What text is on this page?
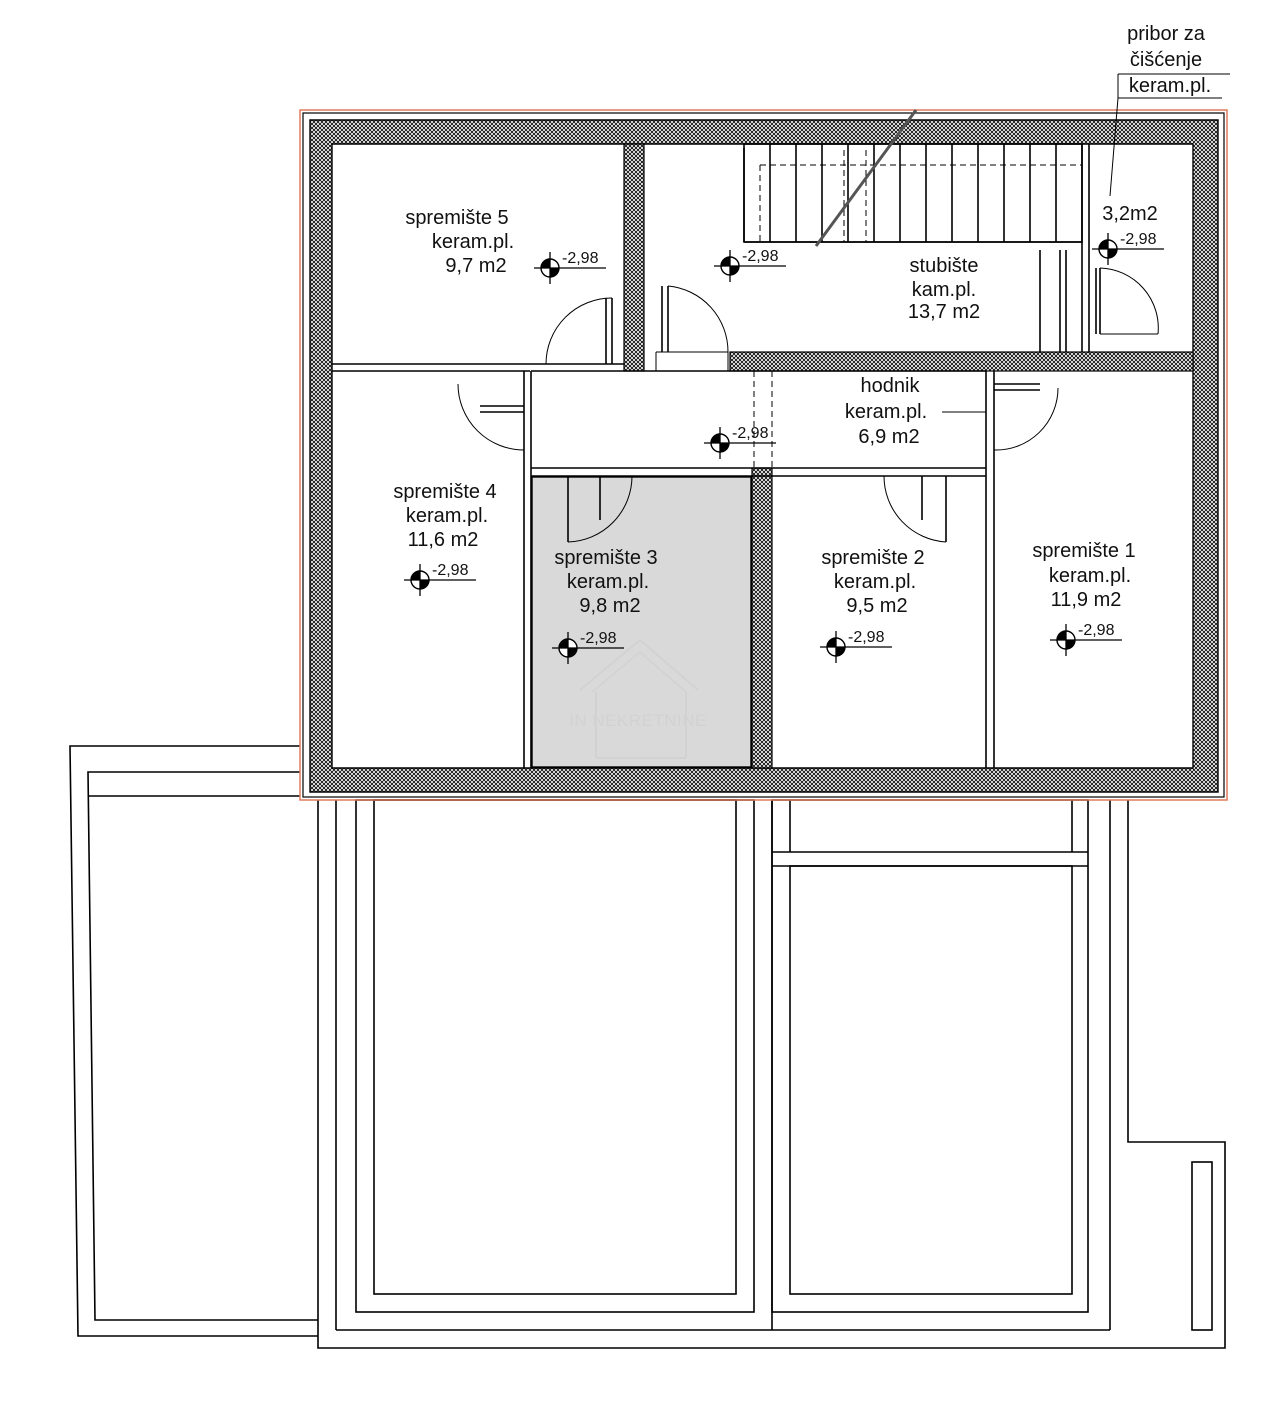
IN NEKRETNINE
spremište 5
keram.pl.
9,7 m2	stubište
kam.pl.
13,7 m2
pribor za
čišćenje
keram.pl.
3,2m2
hodnik
keram.pl.
6,9 m2
spremište 4
keram.pl.
11,6 m2
spremište 3
keram.pl.
9,8 m2
spremište 2
keram.pl.
9,5 m2
spremište 1
keram.pl.
11,9 m2
-2,98	-2,98
-2,98
-2,98
-2,98
-2,98	-2,98	-2,98
